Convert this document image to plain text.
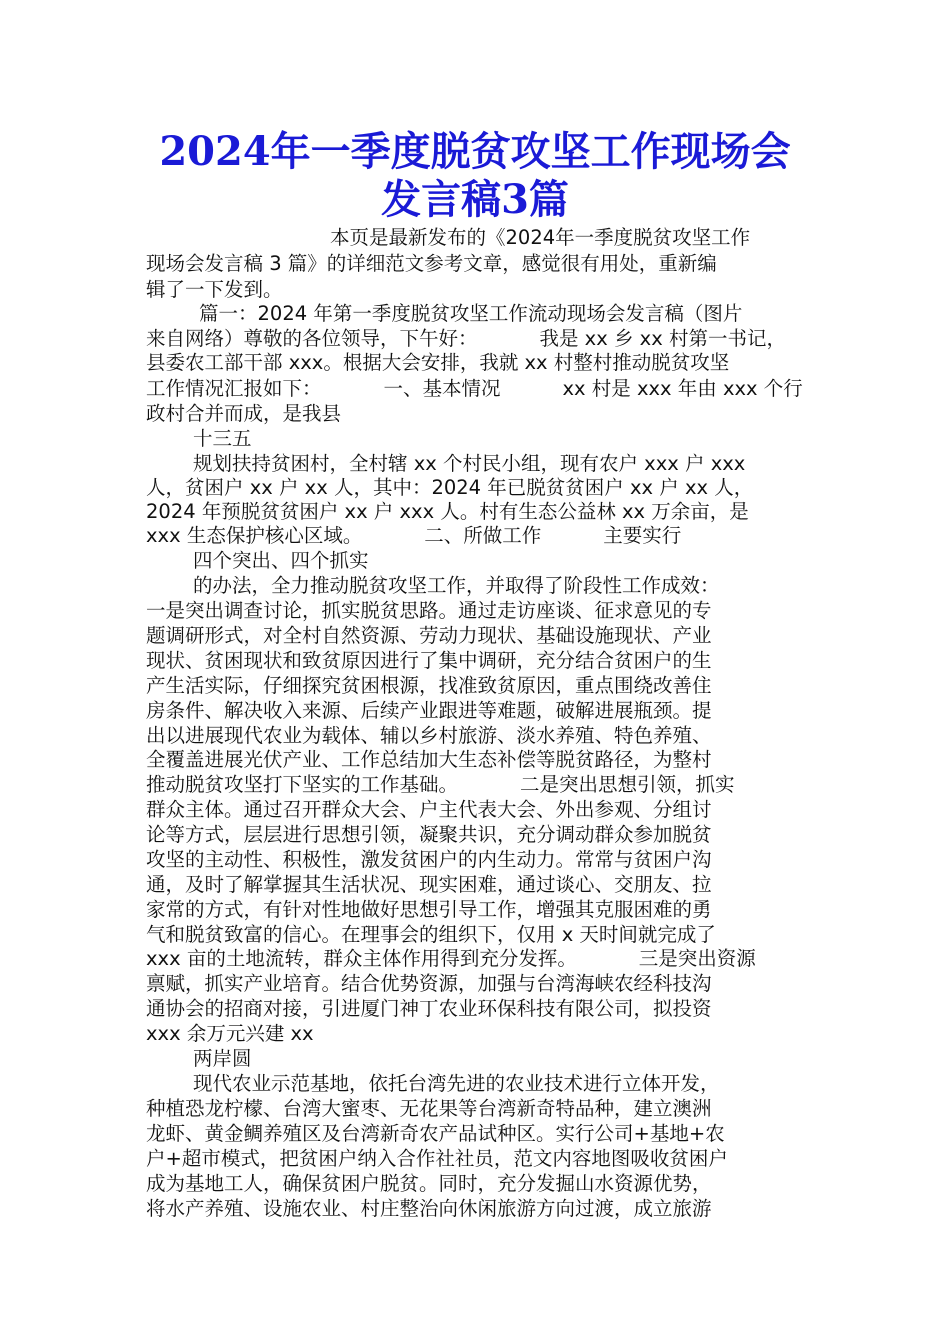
2024年一季度脱贫攻坚工作现场会
发言稿3篇

本页是最新发布的《2024年一季度脱贫攻坚工作

现场会发言稿 3 篇》的详细范文参考文章，感觉很有用处，重新编

辑了一下发到。

篇一：2024 年第一季度脱贫攻坚工作流动现场会发言稿（图片

来自网络）尊敬的各位领导，下午好：          我是 xx 乡 xx 村第一书记，

县委农工部干部 xxx。根据大会安排，我就 xx 村整村推动脱贫攻坚

工作情况汇报如下：          一、基本情况          xx 村是 xxx 年由 xxx 个行

政村合并而成，是我县

十三五

规划扶持贫困村，全村辖 xx 个村民小组，现有农户 xxx 户 xxx

人，贫困户 xx 户 xx 人，其中：2024 年已脱贫贫困户 xx 户 xx 人，

2024 年预脱贫贫困户 xx 户 xxx 人。村有生态公益林 xx 万余亩，是

xxx 生态保护核心区域。          二、所做工作          主要实行

四个突出、四个抓实

的办法，全力推动脱贫攻坚工作，并取得了阶段性工作成效：

一是突出调查讨论，抓实脱贫思路。通过走访座谈、征求意见的专

题调研形式，对全村自然资源、劳动力现状、基础设施现状、产业

现状、贫困现状和致贫原因进行了集中调研，充分结合贫困户的生

产生活实际，仔细探究贫困根源，找准致贫原因，重点围绕改善住

房条件、解决收入来源、后续产业跟进等难题，破解进展瓶颈。提

出以进展现代农业为载体、辅以乡村旅游、淡水养殖、特色养殖、

全覆盖进展光伏产业、工作总结加大生态补偿等脱贫路径，为整村

推动脱贫攻坚打下坚实的工作基础。          二是突出思想引领，抓实

群众主体。通过召开群众大会、户主代表大会、外出参观、分组讨

论等方式，层层进行思想引领，凝聚共识，充分调动群众参加脱贫

攻坚的主动性、积极性，激发贫困户的内生动力。常常与贫困户沟

通，及时了解掌握其生活状况、现实困难，通过谈心、交朋友、拉

家常的方式，有针对性地做好思想引导工作，增强其克服困难的勇

气和脱贫致富的信心。在理事会的组织下，仅用 x 天时间就完成了

xxx 亩的土地流转，群众主体作用得到充分发挥。          三是突出资源

禀赋，抓实产业培育。结合优势资源，加强与台湾海峡农经科技沟

通协会的招商对接，引进厦门神丁农业环保科技有限公司，拟投资

xxx 余万元兴建 xx

两岸圆

现代农业示范基地，依托台湾先进的农业技术进行立体开发，

种植恐龙柠檬、台湾大蜜枣、无花果等台湾新奇特品种，建立澳洲

龙虾、黄金鲷养殖区及台湾新奇农产品试种区。实行公司+基地+农

户+超市模式，把贫困户纳入合作社社员，范文内容地图吸收贫困户

成为基地工人，确保贫困户脱贫。同时，充分发掘山水资源优势，

将水产养殖、设施农业、村庄整治向休闲旅游方向过渡，成立旅游
